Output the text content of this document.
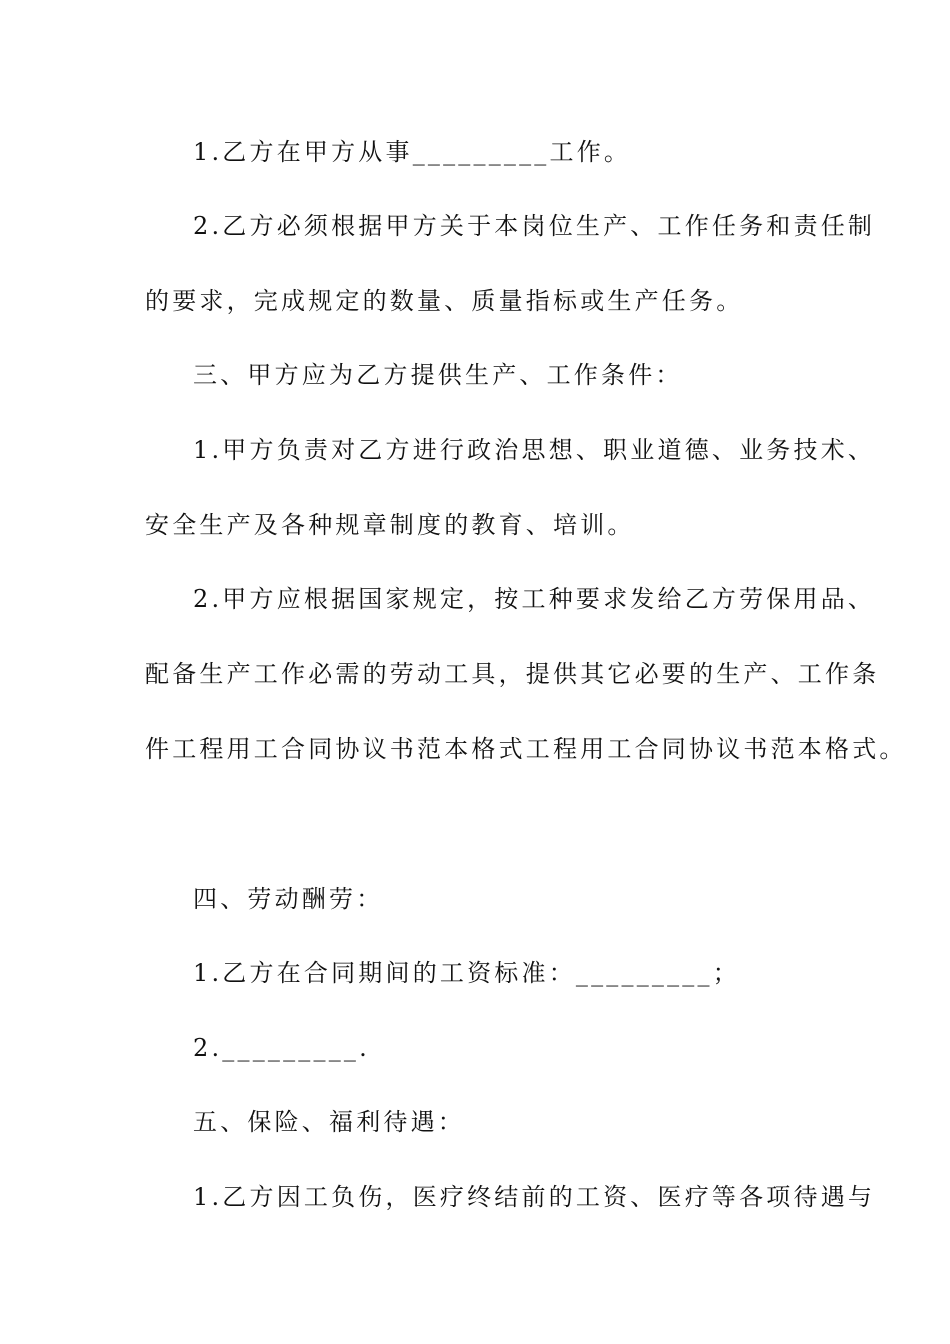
1.乙方在甲方从事_________工作。
2.乙方必须根据甲方关于本岗位生产、工作任务和责任制
的要求，完成规定的数量、质量指标或生产任务。
三、甲方应为乙方提供生产、工作条件：
1.甲方负责对乙方进行政治思想、职业道德、业务技术、
安全生产及各种规章制度的教育、培训。
2.甲方应根据国家规定，按工种要求发给乙方劳保用品、
配备生产工作必需的劳动工具，提供其它必要的生产、工作条
件工程用工合同协议书范本格式工程用工合同协议书范本格式。
四、劳动酬劳：
1.乙方在合同期间的工资标准：_________；
2._________.
五、保险、福利待遇：
1.乙方因工负伤，医疗终结前的工资、医疗等各项待遇与
